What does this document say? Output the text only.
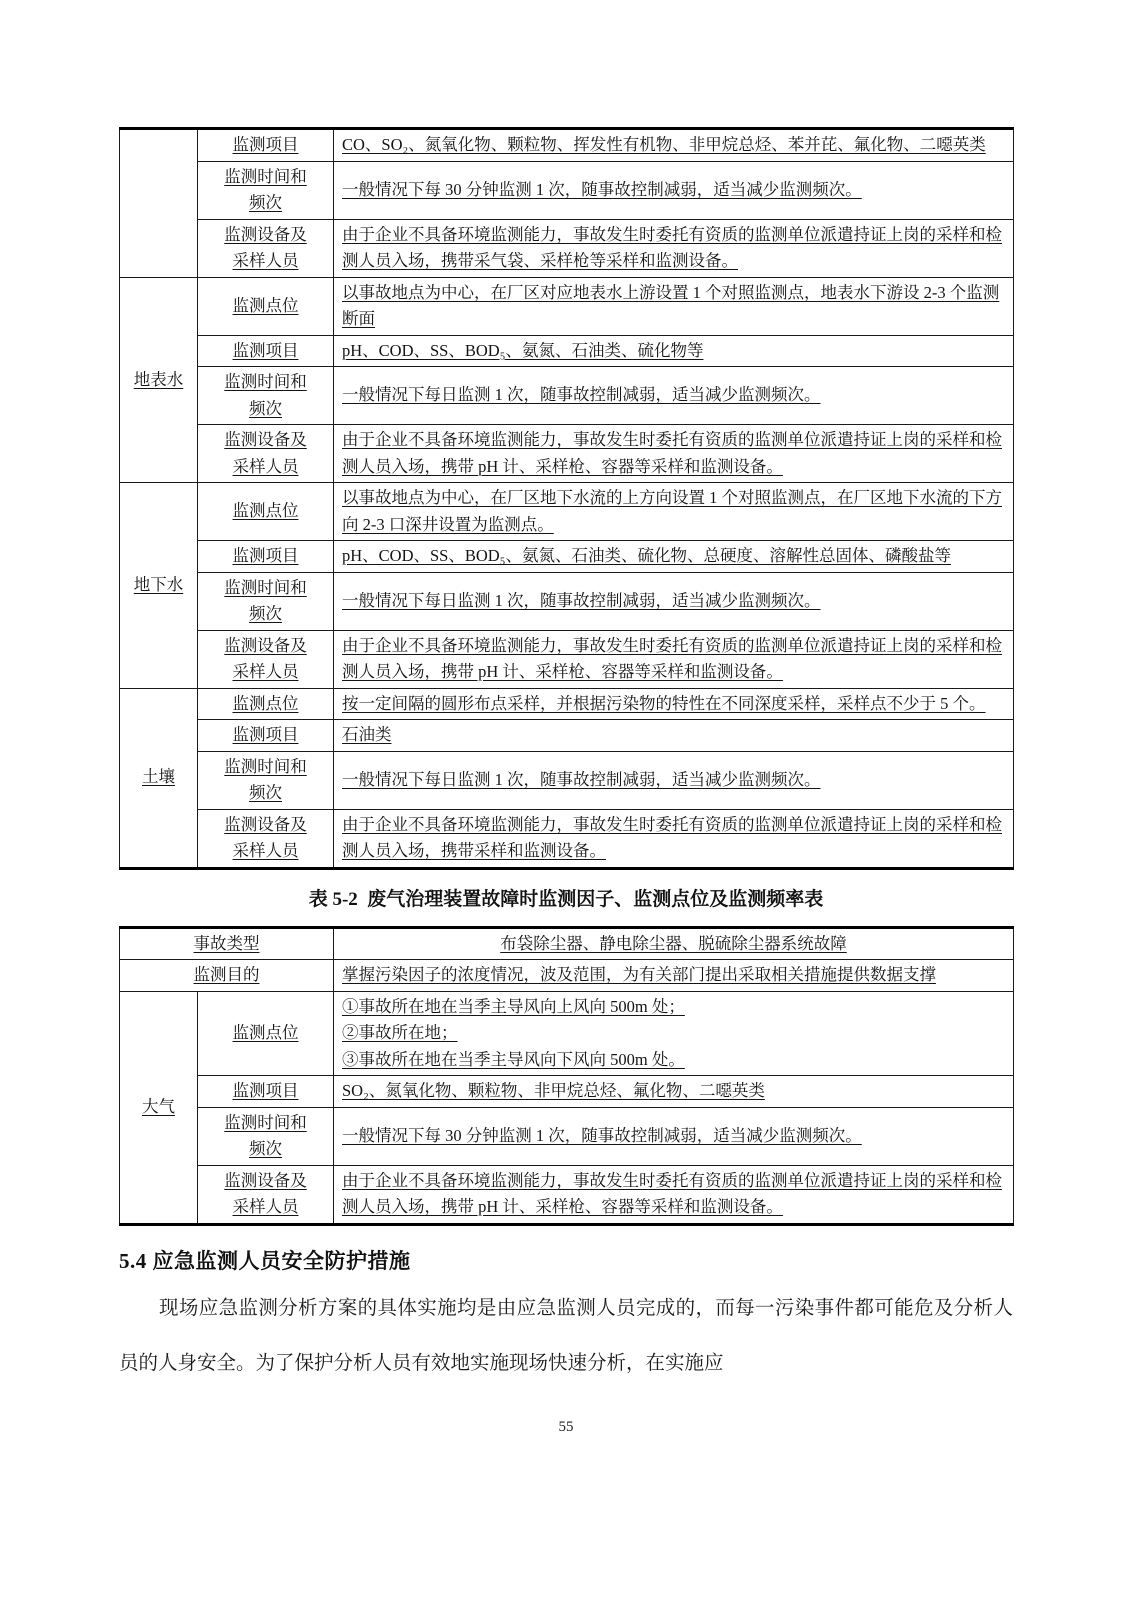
	监测项目	CO、SO₂、氮氧化物、颗粒物、挥发性有机物、非甲烷总烃、苯并芘、氟化物、二噁英类

	监测时间和
频次	一般情况下每 30 分钟监测 1 次，随事故控制减弱，适当减少监测频次。

	监测设备及
采样人员	由于企业不具备环境监测能力，事故发生时委托有资质的监测单位派遣持证上岗的采样和检测人员入场，携带采气袋、采样枪等采样和监测设备。
地表水	监测点位	以事故地点为中心，在厂区对应地表水上游设置 1 个对照监测点，地表水下游设 2-3 个监测断面

	监测项目	pH、COD、SS、BOD₅、氨氮、石油类、硫化物等

	监测时间和
频次	一般情况下每日监测 1 次，随事故控制减弱，适当减少监测频次。

	监测设备及
采样人员	由于企业不具备环境监测能力，事故发生时委托有资质的监测单位派遣持证上岗的采样和检测人员入场，携带 pH 计、采样枪、容器等采样和监测设备。
地下水	监测点位	以事故地点为中心，在厂区地下水流的上方向设置 1 个对照监测点，在厂区地下水流的下方向 2-3 口深井设置为监测点。

	监测项目	pH、COD、SS、BOD₅、氨氮、石油类、硫化物、总硬度、溶解性总固体、磷酸盐等

	监测时间和
频次	一般情况下每日监测 1 次，随事故控制减弱，适当减少监测频次。

	监测设备及
采样人员	由于企业不具备环境监测能力，事故发生时委托有资质的监测单位派遣持证上岗的采样和检测人员入场，携带 pH 计、采样枪、容器等采样和监测设备。
土壤	监测点位	按一定间隔的圆形布点采样，并根据污染物的特性在不同深度采样，采样点不少于 5 个。

	监测项目	石油类

	监测时间和
频次	一般情况下每日监测 1 次，随事故控制减弱，适当减少监测频次。

	监测设备及
采样人员	由于企业不具备环境监测能力，事故发生时委托有资质的监测单位派遣持证上岗的采样和检测人员入场，携带采样和监测设备。
表 5-2  废气治理装置故障时监测因子、监测点位及监测频率表
事故类型		布袋除尘器、静电除尘器、脱硫除尘器系统故障
监测目的		掌握污染因子的浓度情况，波及范围，为有关部门提出采取相关措施提供数据支撑
大气	监测点位	①事故所在地在当季主导风向上风向 500m 处；
②事故所在地；
③事故所在地在当季主导风向下风向 500m 处。

	监测项目	SO₂、氮氧化物、颗粒物、非甲烷总烃、氟化物、二噁英类

	监测时间和
频次	一般情况下每 30 分钟监测 1 次，随事故控制减弱，适当减少监测频次。

	监测设备及
采样人员	由于企业不具备环境监测能力，事故发生时委托有资质的监测单位派遣持证上岗的采样和检测人员入场，携带 pH 计、采样枪、容器等采样和监测设备。
5.4 应急监测人员安全防护措施
现场应急监测分析方案的具体实施均是由应急监测人员完成的，而每一污染事件都可能危及分析人员的人身安全。为了保护分析人员有效地实施现场快速分析，在实施应
55
